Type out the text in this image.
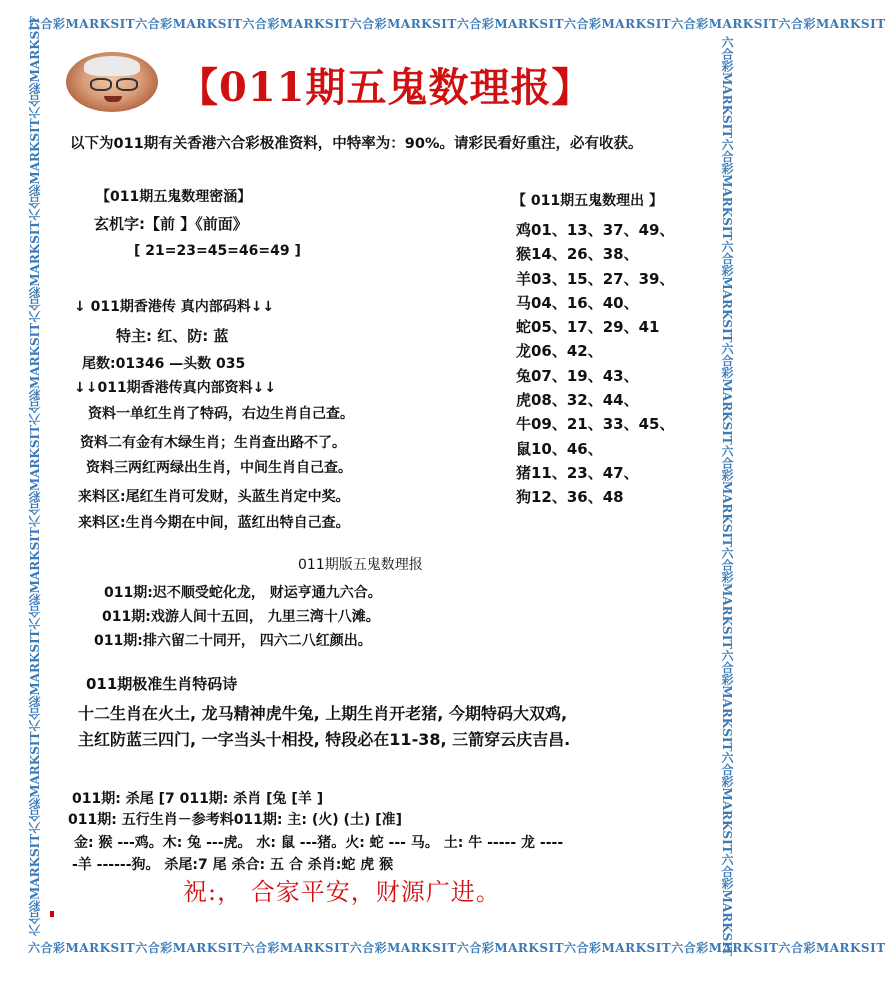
六合彩MARKSIT六合彩MARKSIT六合彩MARKSIT六合彩MARKSIT六合彩MARKSIT六合彩MARKSIT六合彩MARKSIT六合彩MARKSIT
六合彩MARKSIT六合彩MARKSIT六合彩MARKSIT六合彩MARKSIT六合彩MARKSIT六合彩MARKSIT六合彩MARKSIT六合彩MARKSIT
六合彩MARKSIT六合彩MARKSIT六合彩MARKSIT六合彩MARKSIT六合彩MARKSIT六合彩MARKSIT六合彩MARKSIT六合彩MARKSIT六合彩MARKSIT	六合彩MARKSIT六合彩MARKSIT六合彩MARKSIT六合彩MARKSIT六合彩MARKSIT六合彩MARKSIT六合彩MARKSIT六合彩MARKSIT六合彩MARKSIT
【011期五鬼数理报】
以下为011期有关香港六合彩极准资料，中特率为：90%。请彩民看好重注，必有收获。
【011期五鬼数理密涵】
玄机字:【前 】《前面》
[ 21=23=45=46=49 ]
↓ 011期香港传 真内部码料↓↓
特主: 红、防: 蓝
尾数:01346 —头数 035
↓↓011期香港传真内部资料↓↓
资料一单红生肖了特码，右边生肖自己查。
资料二有金有木绿生肖；生肖查出路不了。
资料三两红两绿出生肖，中间生肖自己查。
来料区:尾红生肖可发财，头蓝生肖定中奖。
来料区:生肖今期在中间，蓝红出特自己查。
【 011期五鬼数理出 】
鸡01、13、37、49、
猴14、26、38、
羊03、15、27、39、
马04、16、40、
蛇05、17、29、41
龙06、42、
兔07、19、43、
虎08、32、44、
牛09、21、33、45、
鼠10、46、
猪11、23、47、
狗12、36、48
011期版五鬼数理报
011期:迟不顺受蛇化龙， 财运亨通九六合。
011期:戏游人间十五回， 九里三湾十八滩。
011期:排六留二十同开， 四六二八红颜出。
011期极准生肖特码诗
十二生肖在火土, 龙马精神虎牛兔, 上期生肖开老猪, 今期特码大双鸡,
主红防蓝三四门, 一字当头十相投, 特段必在11-38, 三箭穿云庆吉昌.
011期: 杀尾 [7 011期: 杀肖 [兔 [羊 ]
011期: 五行生肖－参考料011期: 主: (火) (土) [准]
金: 猴 ---鸡。木: 兔 ---虎。 水: 鼠 ---猪。火: 蛇 --- 马。 土: 牛 ----- 龙 ----
-羊 ------狗。 杀尾:7 尾 杀合: 五 合 杀肖:蛇 虎 猴
祝:， 合家平安，财源广进。
